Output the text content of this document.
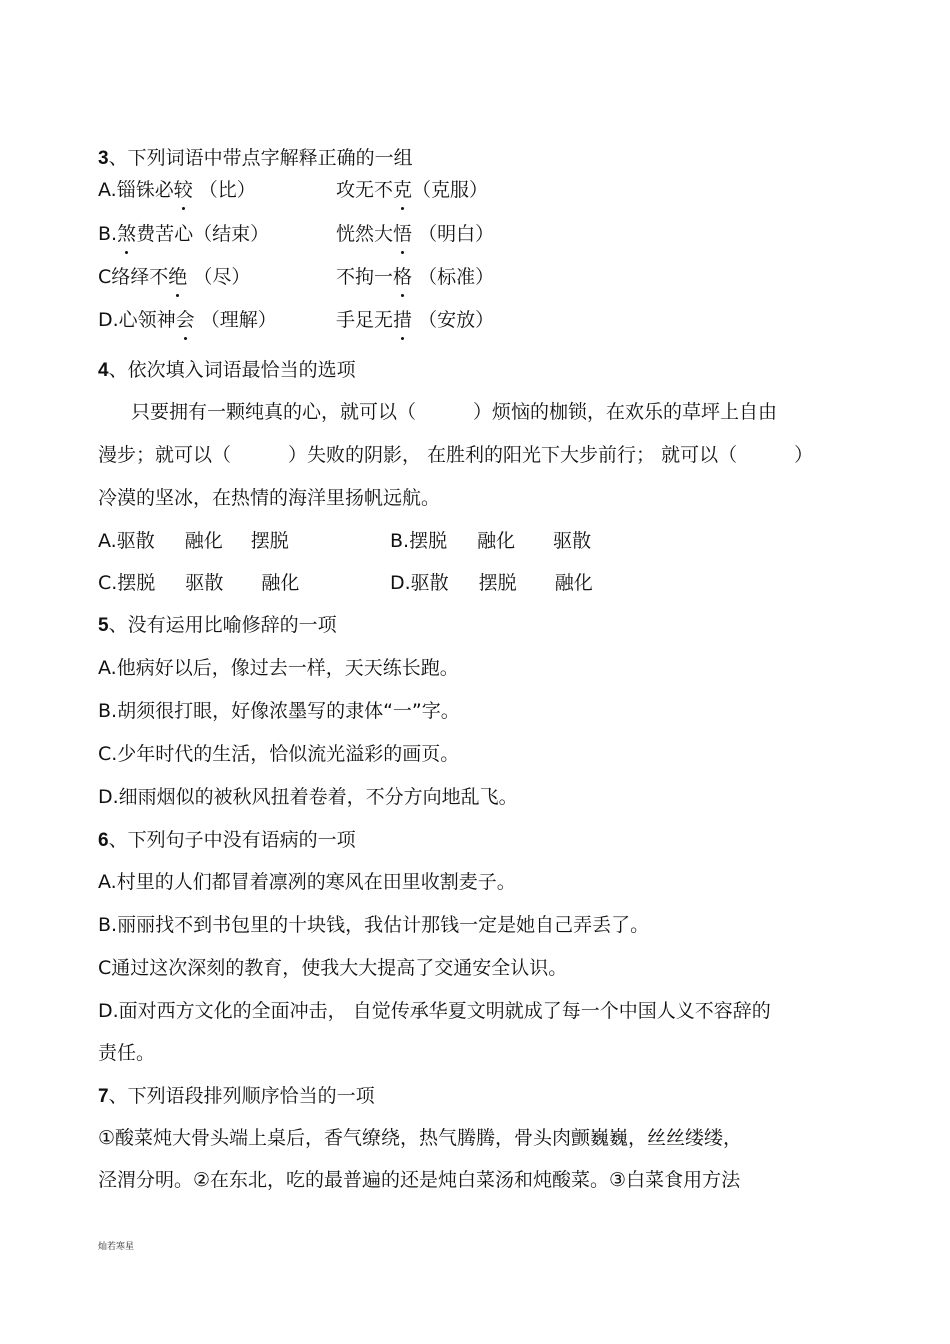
3、下列词语中带点字解释正确的一组
A.锱铢必较 （比）	攻无不克（克服）
B.煞费苦心（结束）	恍然大悟 （明白）
C络绎不绝 （尽）	不拘一格 （标准）
D.心领神会 （理解）	手足无措 （安放）
4、依次填入词语最恰当的选项
只要拥有一颗纯真的心，就可以（　　　）烦恼的枷锁，在欢乐的草坪上自由
漫步；就可以（　　　）失败的阴影， 在胜利的阳光下大步前行； 就可以（　　　）
冷漠的坚冰，在热情的海洋里扬帆远航。
A.驱散 融化 摆脱	B.摆脱 融化 驱散
C.摆脱 驱散 融化	D.驱散 摆脱 融化
5、没有运用比喻修辞的一项
A.他病好以后，像过去一样，天天练长跑。
B.胡须很打眼，好像浓墨写的隶体“一”字。
C.少年时代的生活，恰似流光溢彩的画页。
D.细雨烟似的被秋风扭着卷着，不分方向地乱飞。
6、下列句子中没有语病的一项
A.村里的人们都冒着凛冽的寒风在田里收割麦子。
B.丽丽找不到书包里的十块钱，我估计那钱一定是她自己弄丢了。
C通过这次深刻的教育，使我大大提高了交通安全认识。
D.面对西方文化的全面冲击， 自觉传承华夏文明就成了每一个中国人义不容辞的
责任。
7、下列语段排列顺序恰当的一项
①酸菜炖大骨头端上桌后，香气缭绕，热气腾腾，骨头肉颤巍巍，丝丝缕缕，
泾渭分明。②在东北，吃的最普遍的还是炖白菜汤和炖酸菜。③白菜食用方法
灿若寒星
